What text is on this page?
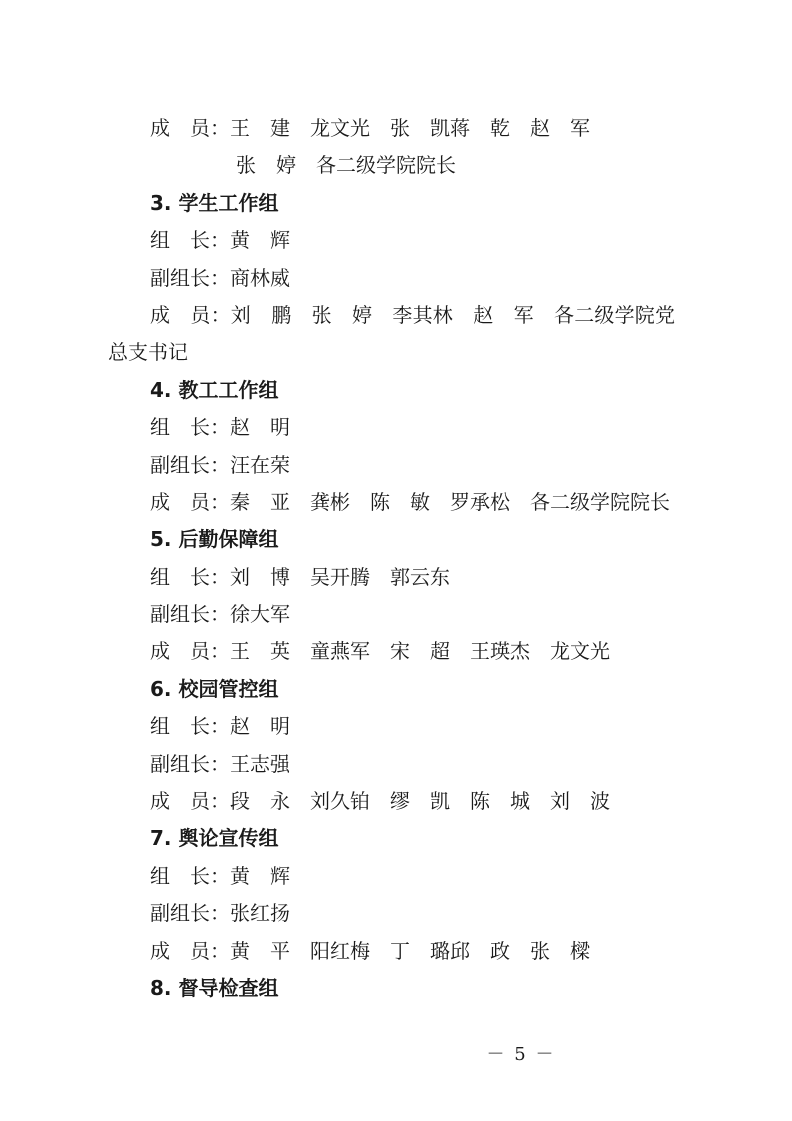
成　员：王　建　龙文光　张　凯蒋　乾　赵　军
张　婷　各二级学院院长
3. 学生工作组
组　长：黄　辉
副组长：商林威
成　员：刘　鹏　张　婷　李其林　赵　军　各二级学院党
总支书记
4. 教工工作组
组　长：赵　明
副组长：汪在荣
成　员：秦　亚　龚彬　陈　敏　罗承松　各二级学院院长
5. 后勤保障组
组　长：刘　博　吴开腾　郭云东
副组长：徐大军
成　员：王　英　童燕军　宋　超　王瑛杰　龙文光
6. 校园管控组
组　长：赵　明
副组长：王志强
成　员：段　永　刘久铂　缪　凯　陈　城　刘　波
7. 舆论宣传组
组　长：黄　辉
副组长：张红扬
成　员：黄　平　阳红梅　丁　璐邱　政　张　樑
8. 督导检查组
－ 5 －
